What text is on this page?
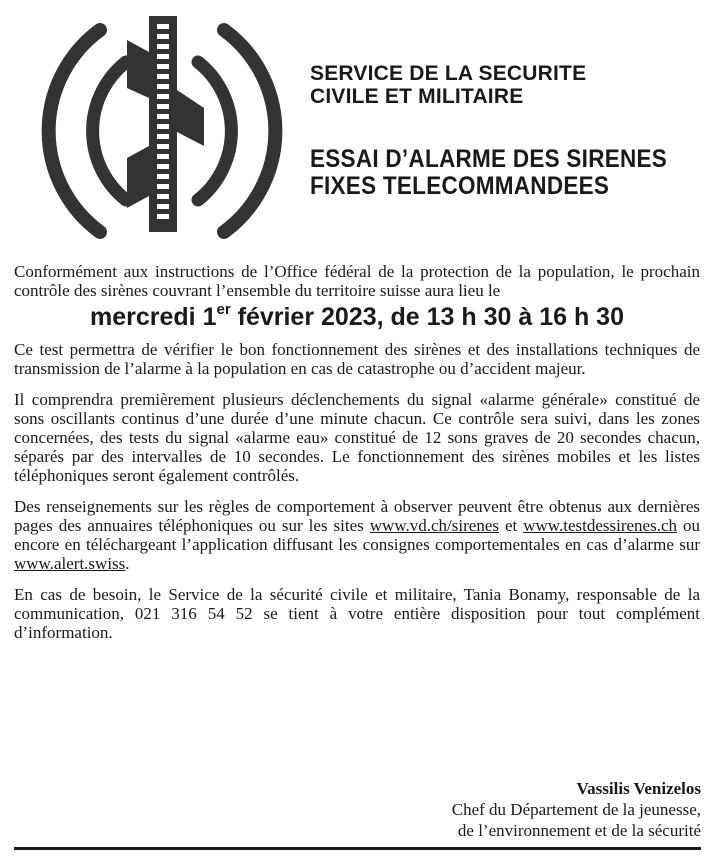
SERVICE DE LA SECURITE
CIVILE ET MILITAIRE

ESSAI D’ALARME DES SIRENES
FIXES TELECOMMANDEES

Conformément aux instructions de l’Office fédéral de la protection de la population, le prochain contrôle des sirènes couvrant l’ensemble du territoire suisse aura lieu le

mercredi 1er février 2023, de 13 h 30 à 16 h 30

Ce test permettra de vérifier le bon fonctionnement des sirènes et des installations techniques de transmission de l’alarme à la population en cas de catastrophe ou d’accident majeur.

Il comprendra premièrement plusieurs déclenchements du signal «alarme générale» constitué de sons oscillants continus d’une durée d’une minute chacun. Ce contrôle sera suivi, dans les zones concernées, des tests du signal «alarme eau» constitué de 12 sons graves de 20 secondes chacun, séparés par des intervalles de 10 secondes. Le fonctionnement des sirènes mobiles et les listes téléphoniques seront également contrôlés.

Des renseignements sur les règles de comportement à observer peuvent être obtenus aux dernières pages des annuaires téléphoniques ou sur les sites www.vd.ch/sirenes et www.testdessirenes.ch ou encore en téléchargeant l’application diffusant les consignes comportementales en cas d’alarme sur www.alert.swiss.

En cas de besoin, le Service de la sécurité civile et militaire, Tania Bonamy, responsable de la communication, 021 316 54 52 se tient à votre entière disposition pour tout complément d’information.

Vassilis Venizelos
Chef du Département de la jeunesse,
de l’environnement et de la sécurité
